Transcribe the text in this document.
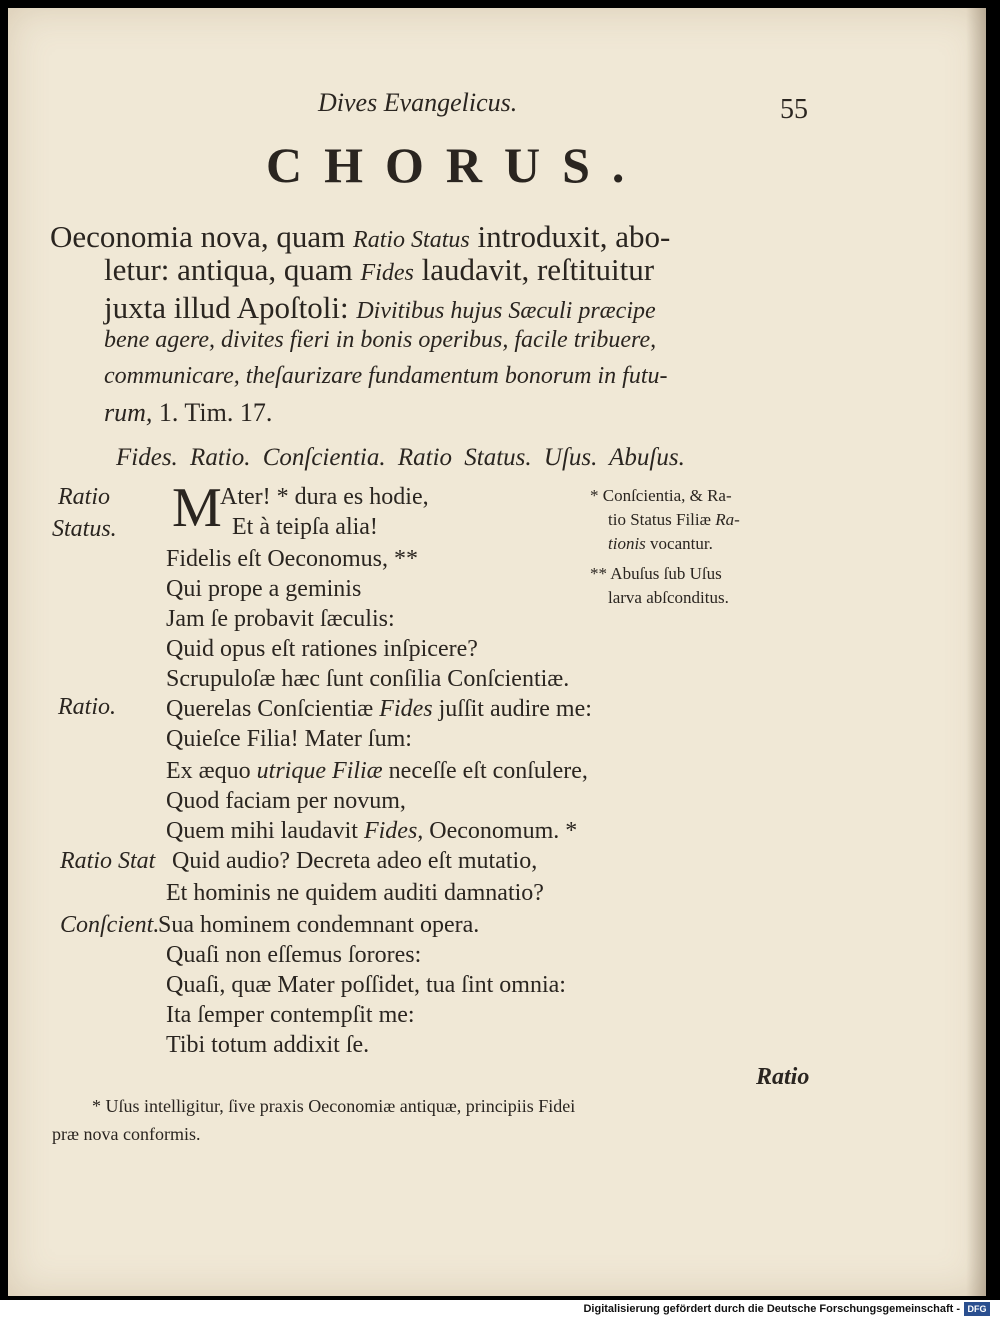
Dives Evangelicus.	55
CHORUS.
Oeconomia nova, quam Ratio Status introduxit, abo-
letur: antiqua, quam Fides laudavit, reſtituitur
juxta illud Apoſtoli: Divitibus hujus Sæculi præcipe
bene agere, divites fieri in bonis operibus, facile tribuere,
communicare, theſaurizare fundamentum bonorum in futu-
rum, 1. Tim. 17.
Fides. Ratio. Conſcientia. Ratio Status. Uſus. Abuſus.
Ratio
Status.
Ratio.
Ratio Stat
Conſcient.
M
Ater! * dura es hodie,
Et à teipſa alia!
Fidelis eſt Oeconomus, **
Qui prope a geminis
Jam ſe probavit ſæculis:
Quid opus eſt rationes inſpicere?
Scrupuloſæ hæc ſunt conſilia Conſcientiæ.
Querelas Conſcientiæ Fides juſſit audire me:
Quieſce Filia! Mater ſum:
Ex æquo utrique Filiæ neceſſe eſt conſulere,
Quod faciam per novum,
Quem mihi laudavit Fides, Oeconomum. *
Quid audio? Decreta adeo eſt mutatio,
Et hominis ne quidem auditi damnatio?
Sua hominem condemnant opera.
Quaſi non eſſemus ſorores:
Quaſi, quæ Mater poſſidet, tua ſint omnia:
Ita ſemper contempſit me:
Tibi totum addixit ſe.
* Conſcientia, & Ra-
tio Status Filiæ Ra-
tionis vocantur.
** Abuſus ſub Uſus
larva abſconditus.
Ratio
* Uſus intelligitur, ſive praxis Oeconomiæ antiquæ, principiis Fidei
præ nova conformis.
Digitalisierung gefördert durch die Deutsche Forschungsgemeinschaft - DFG
